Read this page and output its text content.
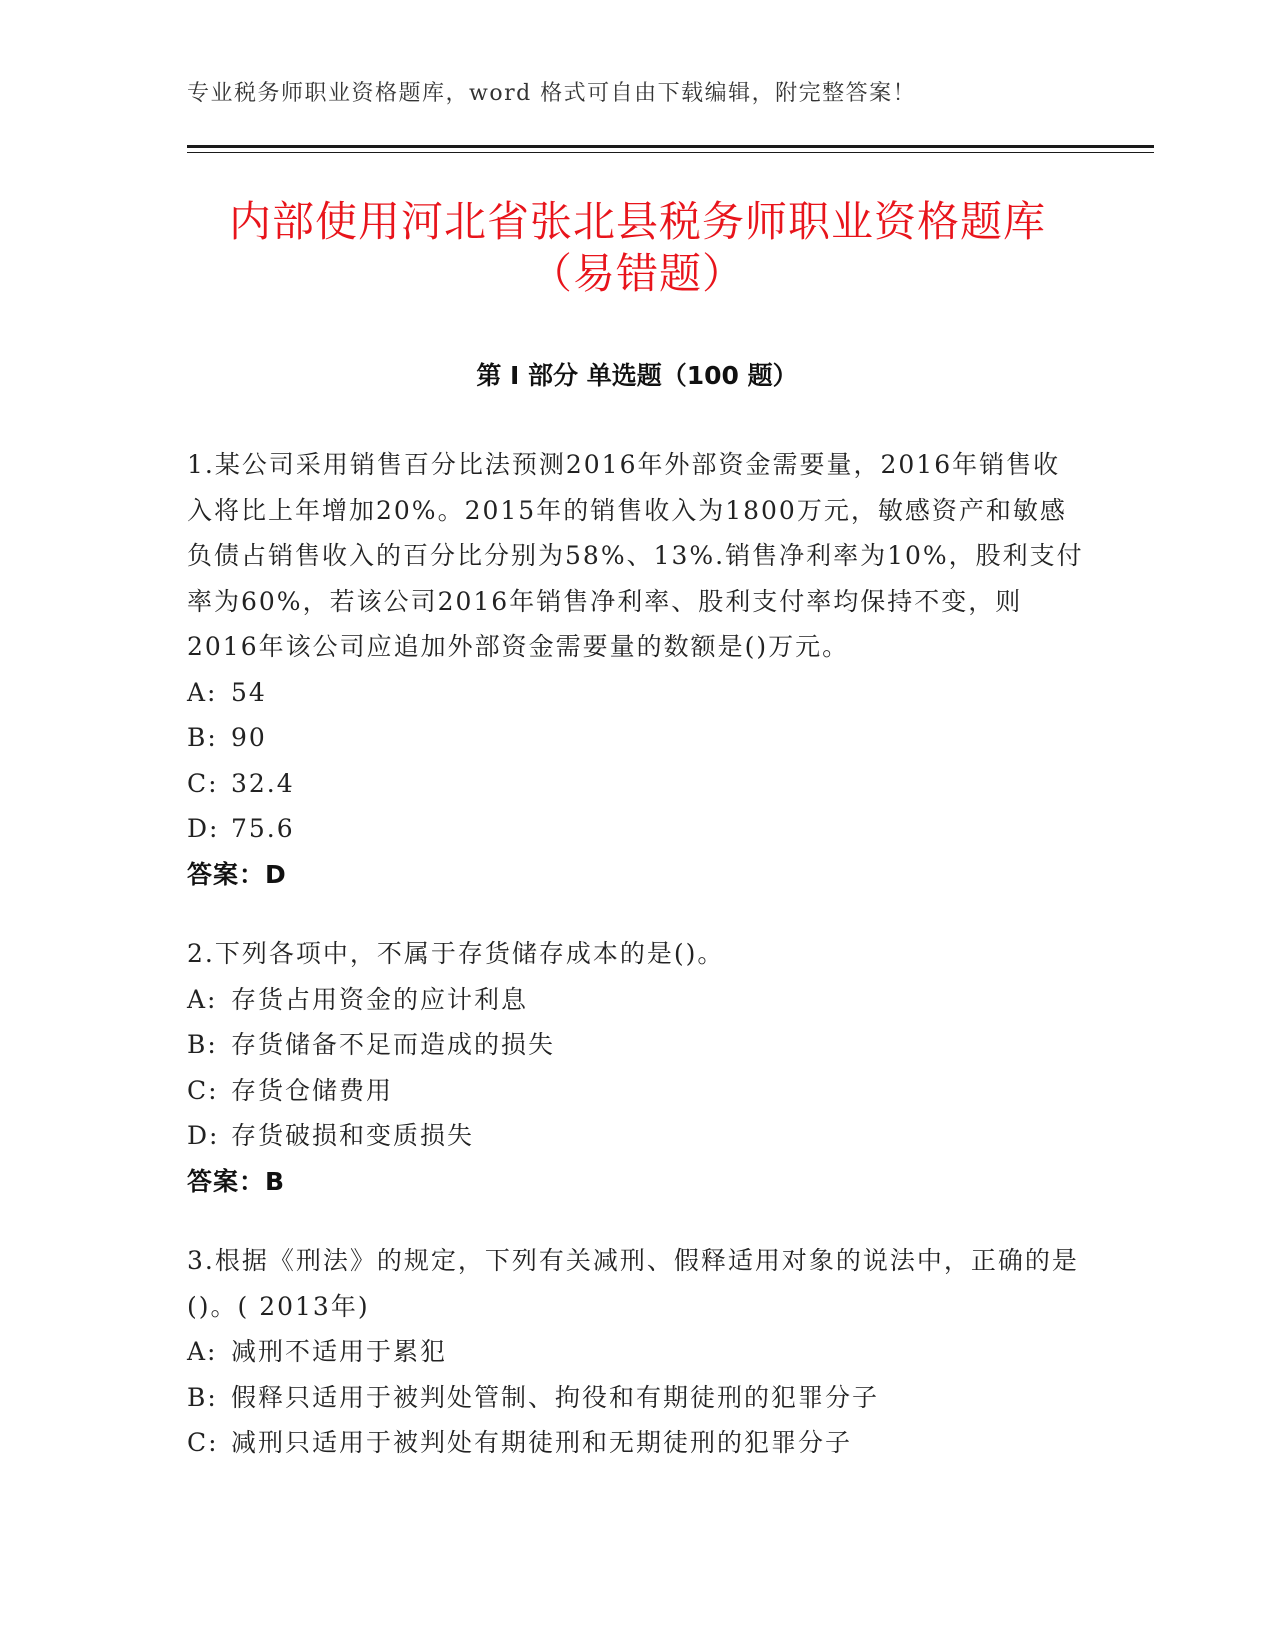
专业税务师职业资格题库，word 格式可自由下载编辑，附完整答案！
内部使用河北省张北县税务师职业资格题库
（易错题）
第 I 部分 单选题（100 题）

1.某公司采用销售百分比法预测2016年外部资金需要量，2016年销售收入将比上年增加20%。2015年的销售收入为1800万元，敏感资产和敏感负债占销售收入的百分比分别为58%、13%.销售净利率为10%，股利支付率为60%，若该公司2016年销售净利率、股利支付率均保持不变，则2016年该公司应追加外部资金需要量的数额是()万元。

A: 54
B: 90
C: 32.4
D: 75.6
答案：D

2.下列各项中，不属于存货储存成本的是()。

A: 存货占用资金的应计利息
B: 存货储备不足而造成的损失
C: 存货仓储费用
D: 存货破损和变质损失
答案：B

3.根据《刑法》的规定，下列有关减刑、假释适用对象的说法中，正确的是()。( 2013年)

A: 减刑不适用于累犯
B: 假释只适用于被判处管制、拘役和有期徒刑的犯罪分子
C: 减刑只适用于被判处有期徒刑和无期徒刑的犯罪分子
